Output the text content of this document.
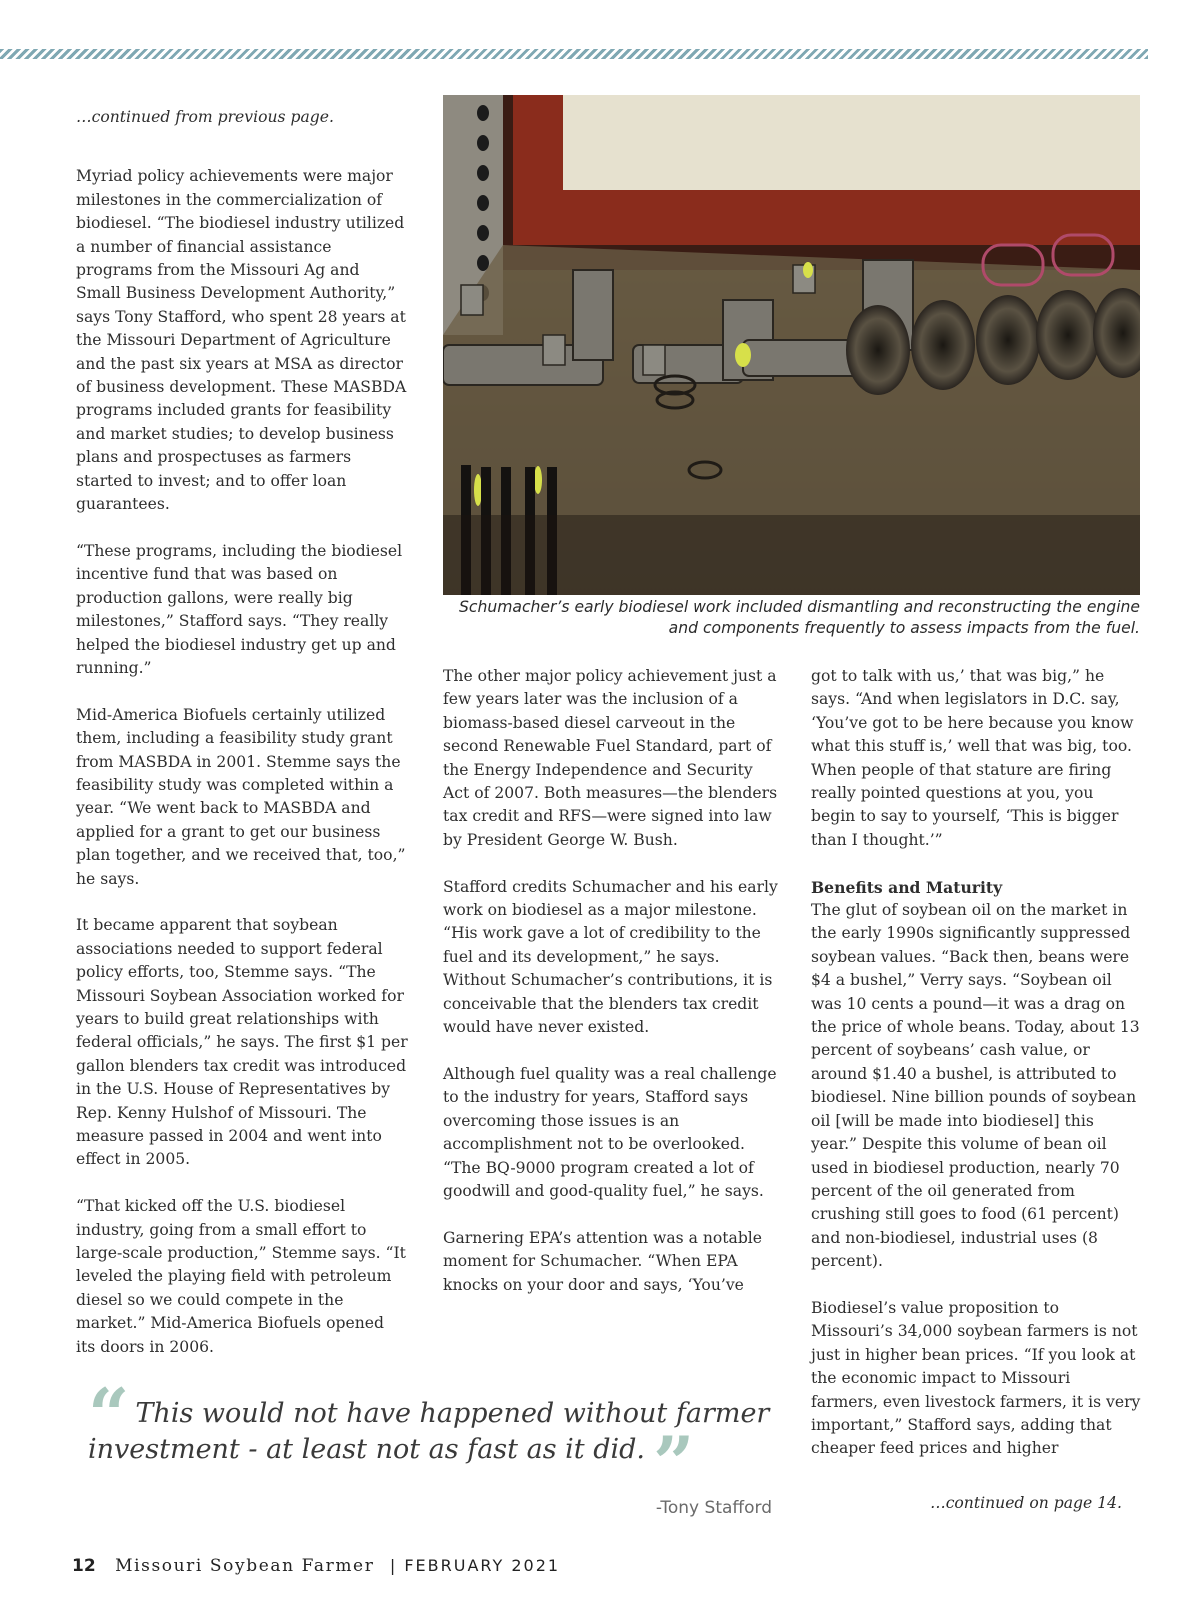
…continued from previous page.

Myriad policy achievements were major milestones in the commercialization of biodiesel. “The biodiesel industry utilized a number of financial assistance programs from the Missouri Ag and Small Business Development Authority,” says Tony Stafford, who spent 28 years at the Missouri Department of Agriculture and the past six years at MSA as director of business development. These MASBDA programs included grants for feasibility and market studies; to develop business plans and prospectuses as farmers started to invest; and to offer loan guarantees.

“These programs, including the biodiesel incentive fund that was based on production gallons, were really big milestones,” Stafford says. “They really helped the biodiesel industry get up and running.”

Mid-America Biofuels certainly utilized them, including a feasibility study grant from MASBDA in 2001. Stemme says the feasibility study was completed within a year. “We went back to MASBDA and applied for a grant to get our business plan together, and we received that, too,” he says.

It became apparent that soybean associations needed to support federal policy efforts, too, Stemme says. “The Missouri Soybean Association worked for years to build great relationships with federal officials,” he says. The first $1 per gallon blenders tax credit was introduced in the U.S. House of Representatives by Rep. Kenny Hulshof of Missouri. The measure passed in 2004 and went into effect in 2005.

“That kicked off the U.S. biodiesel industry, going from a small effort to large-scale production,” Stemme says. “It leveled the playing field with petroleum diesel so we could compete in the market.” Mid-America Biofuels opened its doors in 2006.

Schumacher’s early biodiesel work included dismantling and reconstructing the engine and components frequently to assess impacts from the fuel.

The other major policy achievement just a few years later was the inclusion of a biomass-based diesel carveout in the second Renewable Fuel Standard, part of the Energy Independence and Security Act of 2007. Both measures—the blenders tax credit and RFS—were signed into law by President George W. Bush.

Stafford credits Schumacher and his early work on biodiesel as a major milestone. “His work gave a lot of credibility to the fuel and its development,” he says. Without Schumacher’s contributions, it is conceivable that the blenders tax credit would have never existed.

Although fuel quality was a real challenge to the industry for years, Stafford says overcoming those issues is an accomplishment not to be overlooked. “The BQ-9000 program created a lot of goodwill and good-quality fuel,” he says.

Garnering EPA’s attention was a notable moment for Schumacher. “When EPA knocks on your door and says, ‘You’ve

got to talk with us,’ that was big,” he says. “And when legislators in D.C. say, ‘You’ve got to be here because you know what this stuff is,’ well that was big, too. When people of that stature are firing really pointed questions at you, you begin to say to yourself, ‘This is bigger than I thought.’”

Benefits and Maturity

The glut of soybean oil on the market in the early 1990s significantly suppressed soybean values. “Back then, beans were $4 a bushel,” Verry says. “Soybean oil was 10 cents a pound—it was a drag on the price of whole beans. Today, about 13 percent of soybeans’ cash value, or around $1.40 a bushel, is attributed to biodiesel. Nine billion pounds of soybean oil [will be made into biodiesel] this year.” Despite this volume of bean oil used in biodiesel production, nearly 70 percent of the oil generated from crushing still goes to food (61 percent) and non-biodiesel, industrial uses (8 percent).

Biodiesel’s value proposition to Missouri’s 34,000 soybean farmers is not just in higher bean prices. “If you look at the economic impact to Missouri farmers, even livestock farmers, it is very important,” Stafford says, adding that cheaper feed prices and higher

“ This would not have happened without farmer investment - at least not as fast as it did. ”
-Tony Stafford	…continued on page 14.
12 Missouri Soybean Farmer | FEBRUARY 2021
